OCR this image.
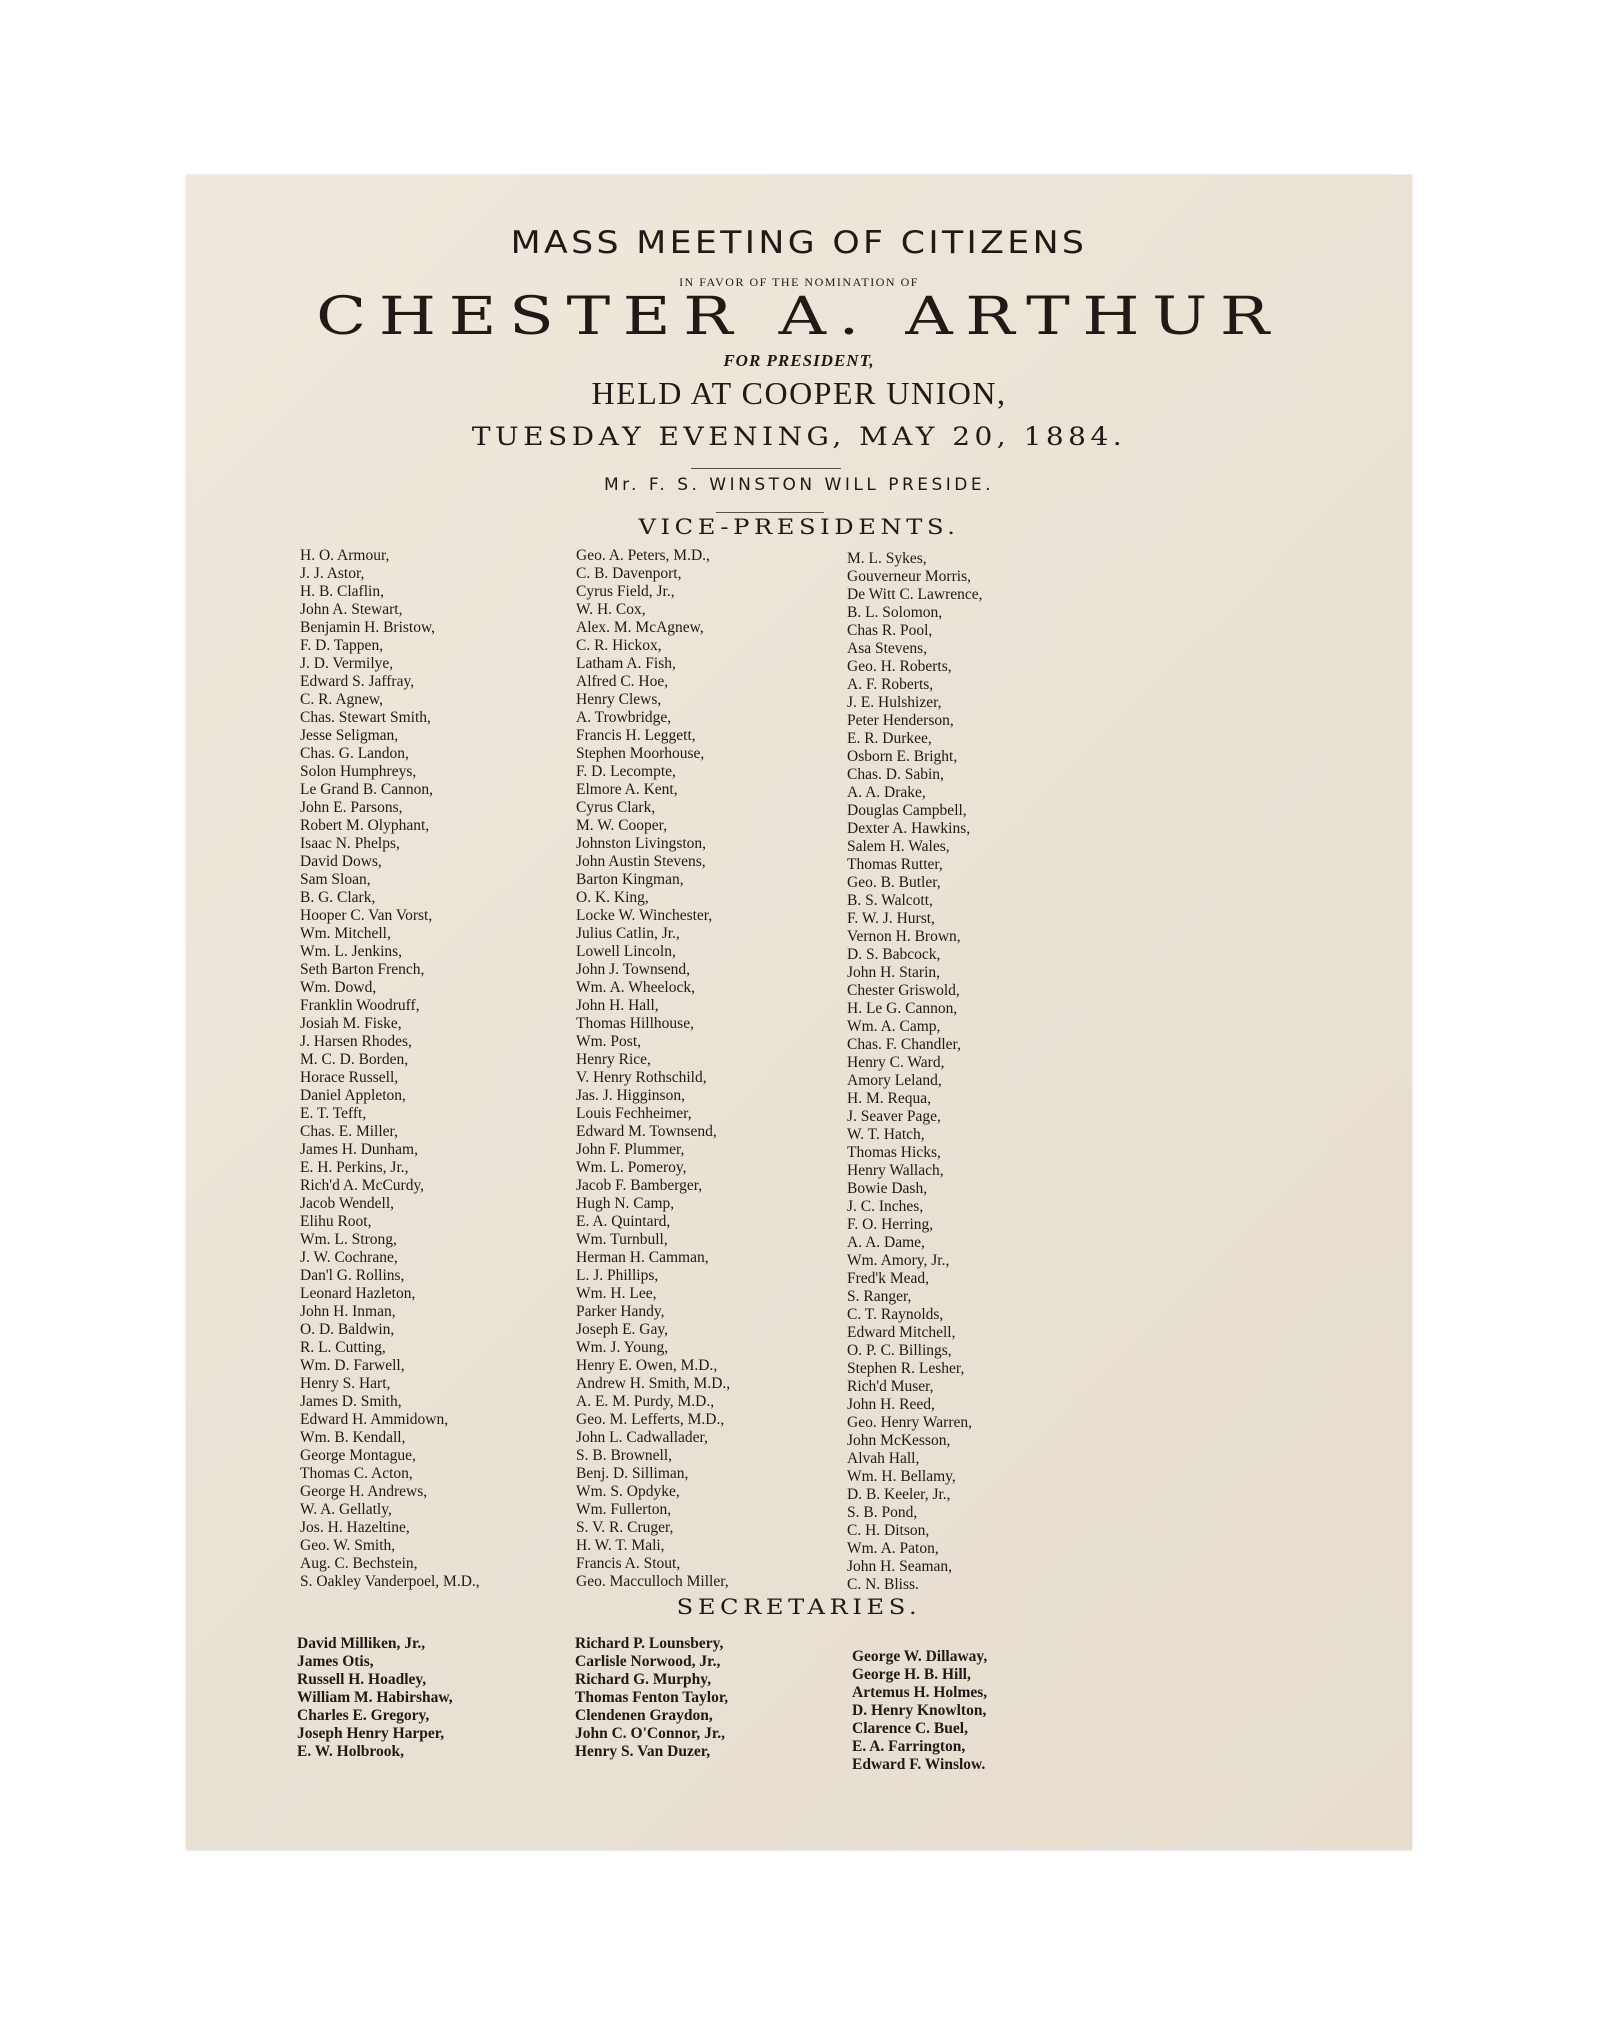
MASS MEETING OF CITIZENS
IN FAVOR OF THE NOMINATION OF
CHESTER A. ARTHUR
FOR PRESIDENT,
HELD AT COOPER UNION,
TUESDAY EVENING, MAY 20, 1884.
Mr. F. S. WINSTON WILL PRESIDE.
VICE-PRESIDENTS.
H. O. Armour,
J. J. Astor,
H. B. Claflin,
John A. Stewart,
Benjamin H. Bristow,
F. D. Tappen,
J. D. Vermilye,
Edward S. Jaffray,
C. R. Agnew,
Chas. Stewart Smith,
Jesse Seligman,
Chas. G. Landon,
Solon Humphreys,
Le Grand B. Cannon,
John E. Parsons,
Robert M. Olyphant,
Isaac N. Phelps,
David Dows,
Sam Sloan,
B. G. Clark,
Hooper C. Van Vorst,
Wm. Mitchell,
Wm. L. Jenkins,
Seth Barton French,
Wm. Dowd,
Franklin Woodruff,
Josiah M. Fiske,
J. Harsen Rhodes,
M. C. D. Borden,
Horace Russell,
Daniel Appleton,
E. T. Tefft,
Chas. E. Miller,
James H. Dunham,
E. H. Perkins, Jr.,
Rich'd A. McCurdy,
Jacob Wendell,
Elihu Root,
Wm. L. Strong,
J. W. Cochrane,
Dan'l G. Rollins,
Leonard Hazleton,
John H. Inman,
O. D. Baldwin,
R. L. Cutting,
Wm. D. Farwell,
Henry S. Hart,
James D. Smith,
Edward H. Ammidown,
Wm. B. Kendall,
George Montague,
Thomas C. Acton,
George H. Andrews,
W. A. Gellatly,
Jos. H. Hazeltine,
Geo. W. Smith,
Aug. C. Bechstein,
S. Oakley Vanderpoel, M.D.,
Geo. A. Peters, M.D.,
C. B. Davenport,
Cyrus Field, Jr.,
W. H. Cox,
Alex. M. McAgnew,
C. R. Hickox,
Latham A. Fish,
Alfred C. Hoe,
Henry Clews,
A. Trowbridge,
Francis H. Leggett,
Stephen Moorhouse,
F. D. Lecompte,
Elmore A. Kent,
Cyrus Clark,
M. W. Cooper,
Johnston Livingston,
John Austin Stevens,
Barton Kingman,
O. K. King,
Locke W. Winchester,
Julius Catlin, Jr.,
Lowell Lincoln,
John J. Townsend,
Wm. A. Wheelock,
John H. Hall,
Thomas Hillhouse,
Wm. Post,
Henry Rice,
V. Henry Rothschild,
Jas. J. Higginson,
Louis Fechheimer,
Edward M. Townsend,
John F. Plummer,
Wm. L. Pomeroy,
Jacob F. Bamberger,
Hugh N. Camp,
E. A. Quintard,
Wm. Turnbull,
Herman H. Camman,
L. J. Phillips,
Wm. H. Lee,
Parker Handy,
Joseph E. Gay,
Wm. J. Young,
Henry E. Owen, M.D.,
Andrew H. Smith, M.D.,
A. E. M. Purdy, M.D.,
Geo. M. Lefferts, M.D.,
John L. Cadwallader,
S. B. Brownell,
Benj. D. Silliman,
Wm. S. Opdyke,
Wm. Fullerton,
S. V. R. Cruger,
H. W. T. Mali,
Francis A. Stout,
Geo. Macculloch Miller,
M. L. Sykes,
Gouverneur Morris,
De Witt C. Lawrence,
B. L. Solomon,
Chas R. Pool,
Asa Stevens,
Geo. H. Roberts,
A. F. Roberts,
J. E. Hulshizer,
Peter Henderson,
E. R. Durkee,
Osborn E. Bright,
Chas. D. Sabin,
A. A. Drake,
Douglas Campbell,
Dexter A. Hawkins,
Salem H. Wales,
Thomas Rutter,
Geo. B. Butler,
B. S. Walcott,
F. W. J. Hurst,
Vernon H. Brown,
D. S. Babcock,
John H. Starin,
Chester Griswold,
H. Le G. Cannon,
Wm. A. Camp,
Chas. F. Chandler,
Henry C. Ward,
Amory Leland,
H. M. Requa,
J. Seaver Page,
W. T. Hatch,
Thomas Hicks,
Henry Wallach,
Bowie Dash,
J. C. Inches,
F. O. Herring,
A. A. Dame,
Wm. Amory, Jr.,
Fred'k Mead,
S. Ranger,
C. T. Raynolds,
Edward Mitchell,
O. P. C. Billings,
Stephen R. Lesher,
Rich'd Muser,
John H. Reed,
Geo. Henry Warren,
John McKesson,
Alvah Hall,
Wm. H. Bellamy,
D. B. Keeler, Jr.,
S. B. Pond,
C. H. Ditson,
Wm. A. Paton,
John H. Seaman,
C. N. Bliss.
SECRETARIES.
David Milliken, Jr.,
James Otis,
Russell H. Hoadley,
William M. Habirshaw,
Charles E. Gregory,
Joseph Henry Harper,
E. W. Holbrook,
Richard P. Lounsbery,
Carlisle Norwood, Jr.,
Richard G. Murphy,
Thomas Fenton Taylor,
Clendenen Graydon,
John C. O'Connor, Jr.,
Henry S. Van Duzer,
George W. Dillaway,
George H. B. Hill,
Artemus H. Holmes,
D. Henry Knowlton,
Clarence C. Buel,
E. A. Farrington,
Edward F. Winslow.
